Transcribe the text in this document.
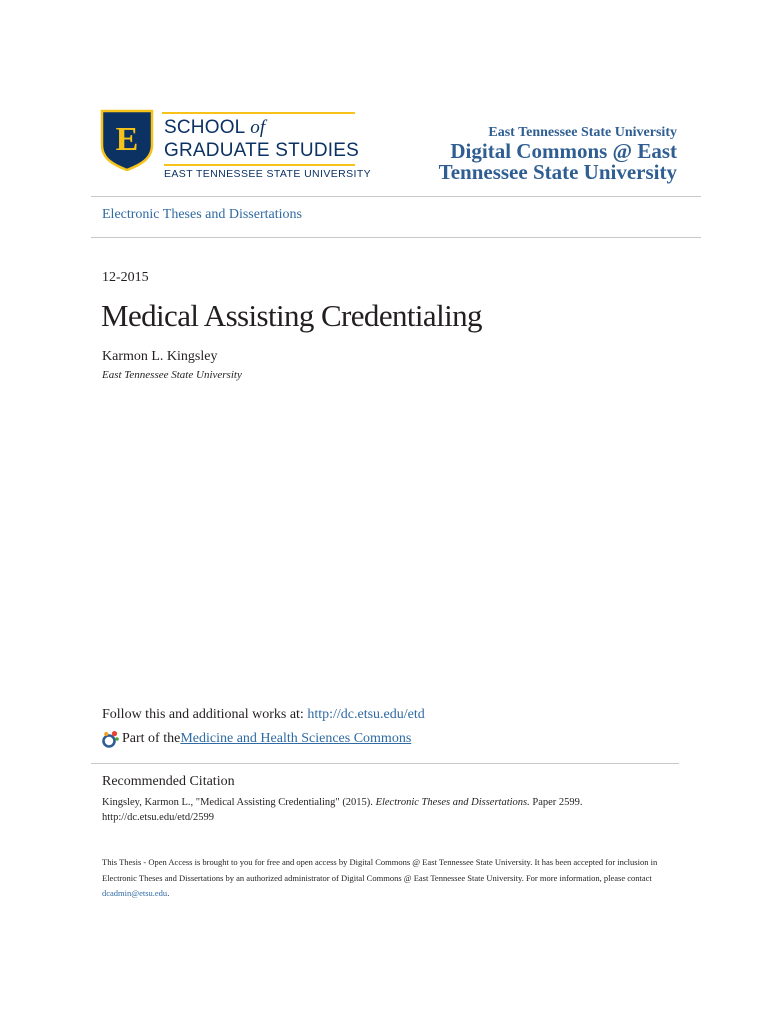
E SCHOOL of
GRADUATE STUDIES
EAST TENNESSEE STATE UNIVERSITY
East Tennessee State University
Digital Commons @ East
Tennessee State University
Electronic Theses and Dissertations
12-2015
Medical Assisting Credentialing
Karmon L. Kingsley
East Tennessee State University
Follow this and additional works at: http://dc.etsu.edu/etd
Part of the Medicine and Health Sciences Commons
Recommended Citation
Kingsley, Karmon L., "Medical Assisting Credentialing" (2015). Electronic Theses and Dissertations. Paper 2599. http://dc.etsu.edu/etd/2599
This Thesis - Open Access is brought to you for free and open access by Digital Commons @ East Tennessee State University. It has been accepted for inclusion in Electronic Theses and Dissertations by an authorized administrator of Digital Commons @ East Tennessee State University. For more information, please contact dcadmin@etsu.edu.
